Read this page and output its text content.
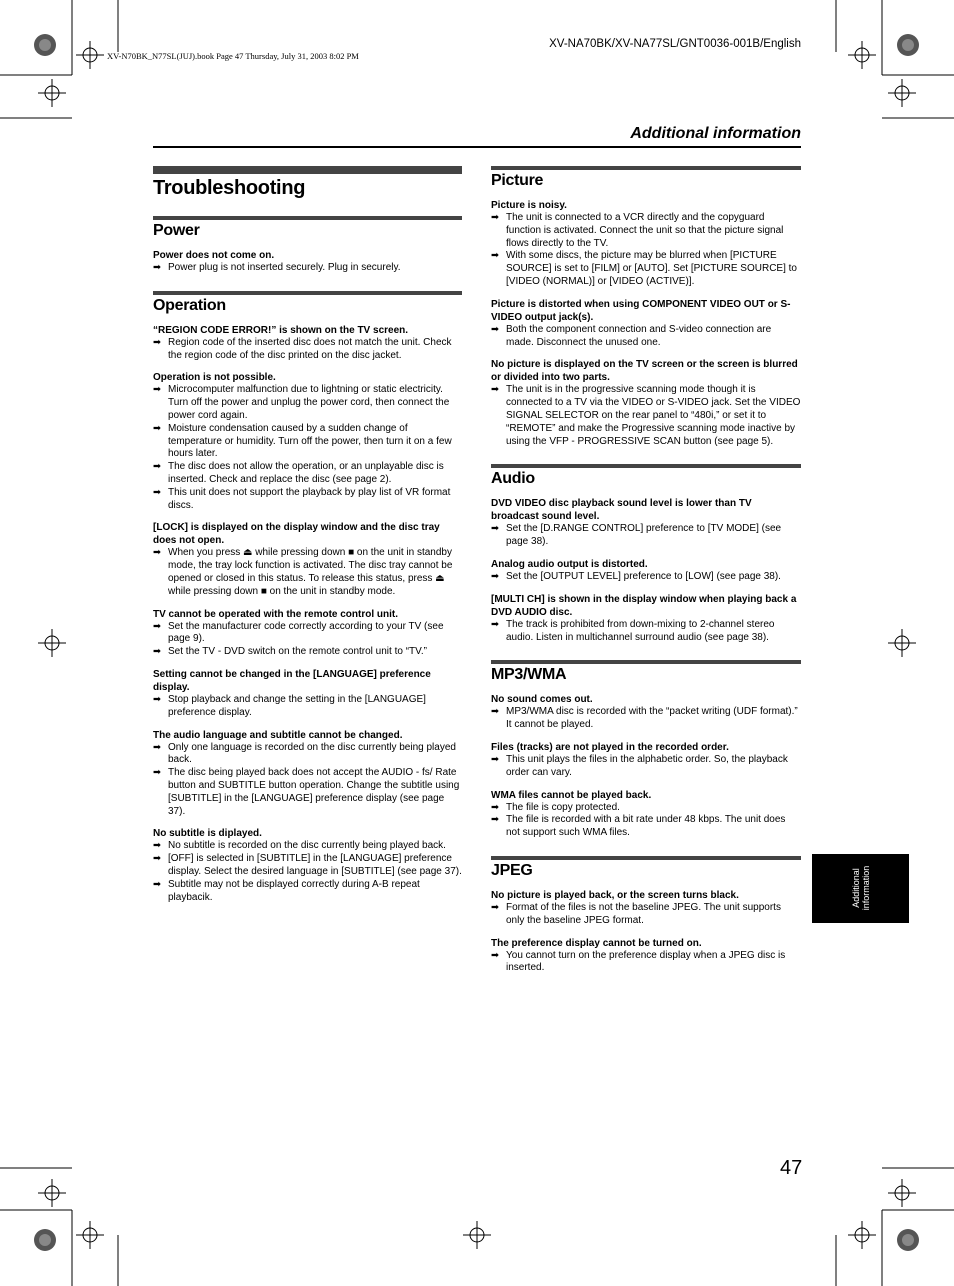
XV-N70BK_N77SL(JUJ).book Page 47 Thursday, July 31, 2003 8:02 PM
XV-NA70BK/XV-NA77SL/GNT0036-001B/English
Additional information
Troubleshooting
Power
Power does not come on.
➡ Power plug is not inserted securely. Plug in securely.
Operation
“REGION CODE ERROR!” is shown on the TV screen.
➡ Region code of the inserted disc does not match the unit. Check the region code of the disc printed on the disc jacket.
Operation is not possible.
➡ Microcomputer malfunction due to lightning or static electricity. Turn off the power and unplug the power cord, then connect the power cord again.
➡ Moisture condensation caused by a sudden change of temperature or humidity. Turn off the power, then turn it on a few hours later.
➡ The disc does not allow the operation, or an unplayable disc is inserted. Check and replace the disc (see page 2).
➡ This unit does not support the playback by play list of VR format discs.
[LOCK] is displayed on the display window and the disc tray does not open.
➡ When you press ⏏ while pressing down ■ on the unit in standby mode, the tray lock function is activated. The disc tray cannot be opened or closed in this status. To release this status, press ⏏ while pressing down ■ on the unit in standby mode.
TV cannot be operated with the remote control unit.
➡ Set the manufacturer code correctly according to your TV (see page 9).
➡ Set the TV - DVD switch on the remote control unit to “TV.”
Setting cannot be changed in the [LANGUAGE] preference display.
➡ Stop playback and change the setting in the [LANGUAGE] preference display.
The audio language and subtitle cannot be changed.
➡ Only one language is recorded on the disc currently being played back.
➡ The disc being played back does not accept the AUDIO - fs/ Rate button and SUBTITLE button operation. Change the subtitle using [SUBTITLE] in the [LANGUAGE] preference display (see page 37).
No subtitle is diplayed.
➡ No subtitle is recorded on the disc currently being played back.
➡ [OFF] is selected in [SUBTITLE] in the [LANGUAGE] preference display. Select the desired language in [SUBTITLE] (see page 37).
➡ Subtitle may not be displayed correctly during A-B repeat playbacik.
Picture
Picture is noisy.
➡ The unit is connected to a VCR directly and the copyguard function is activated. Connect the unit so that the picture signal flows directly to the TV.
➡ With some discs, the picture may be blurred when [PICTURE SOURCE] is set to [FILM] or [AUTO]. Set [PICTURE SOURCE] to [VIDEO (NORMAL)] or [VIDEO (ACTIVE)].
Picture is distorted when using COMPONENT VIDEO OUT or S-VIDEO output jack(s).
➡ Both the component connection and S-video connection are made. Disconnect the unused one.
No picture is displayed on the TV screen or the screen is blurred or divided into two parts.
➡ The unit is in the progressive scanning mode though it is connected to a TV via the VIDEO or S-VIDEO jack. Set the VIDEO SIGNAL SELECTOR on the rear panel to “480i,” or set it to “REMOTE” and make the Progressive scanning mode inactive by using the VFP - PROGRESSIVE SCAN button (see page 5).
Audio
DVD VIDEO disc playback sound level is lower than TV broadcast sound level.
➡ Set the [D.RANGE CONTROL] preference to [TV MODE] (see page 38).
Analog audio output is distorted.
➡ Set the [OUTPUT LEVEL] preference to [LOW] (see page 38).
[MULTI CH] is shown in the display window when playing back a DVD AUDIO disc.
➡ The track is prohibited from down-mixing to 2-channel stereo audio. Listen in multichannel surround audio (see page 38).
MP3/WMA
No sound comes out.
➡ MP3/WMA disc is recorded with the “packet writing (UDF format).” It cannot be played.
Files (tracks) are not played in the recorded order.
➡ This unit plays the files in the alphabetic order. So, the playback order can vary.
WMA files cannot be played back.
➡ The file is copy protected.
➡ The file is recorded with a bit rate under 48 kbps. The unit does not support such WMA files.
JPEG
No picture is played back, or the screen turns black.
➡ Format of the files is not the baseline JPEG. The unit supports only the baseline JPEG format.
The preference display cannot be turned on.
➡ You cannot turn on the preference display when a JPEG disc is inserted.
Additional information
47
